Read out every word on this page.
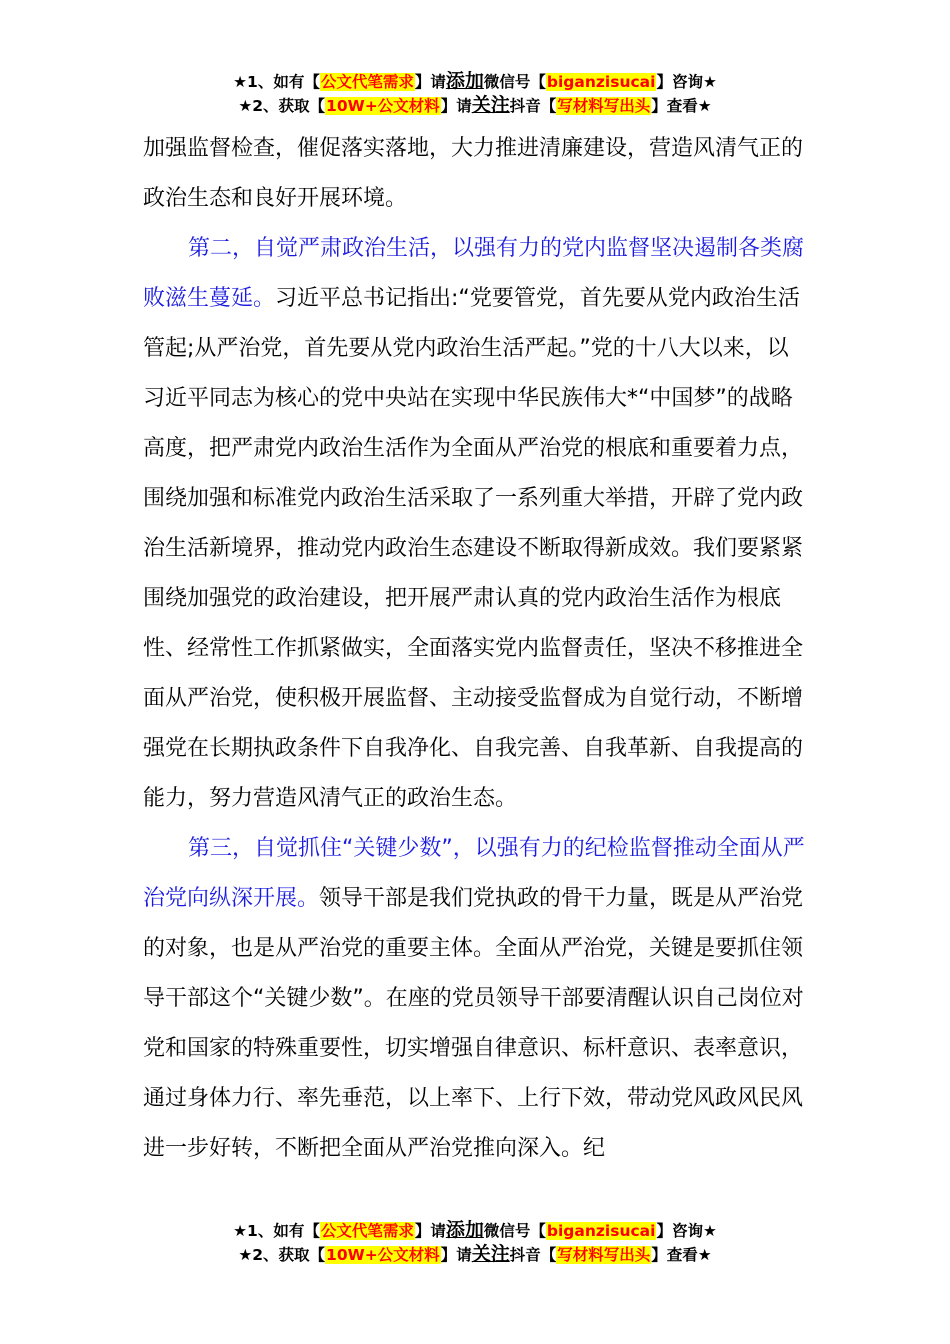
★1、如有【公文代笔需求】请添加微信号【biganzisucai】咨询★
★2、获取【10W+公文材料】请关注抖音【写材料写出头】查看★

加强监督检查，催促落实落地，大力推进清廉建设，营造风清气正的政治生态和良好开展环境。

第二，自觉严肃政治生活，以强有力的党内监督坚决遏制各类腐败滋生蔓延。习近平总书记指出:“党要管党，首先要从党内政治生活管起;从严治党，首先要从党内政治生活严起。”党的十八大以来，以习近平同志为核心的党中央站在实现中华民族伟大*“中国梦”的战略高度，把严肃党内政治生活作为全面从严治党的根底和重要着力点，围绕加强和标准党内政治生活采取了一系列重大举措，开辟了党内政治生活新境界，推动党内政治生态建设不断取得新成效。我们要紧紧围绕加强党的政治建设，把开展严肃认真的党内政治生活作为根底性、经常性工作抓紧做实，全面落实党内监督责任，坚决不移推进全面从严治党，使积极开展监督、主动接受监督成为自觉行动，不断增强党在长期执政条件下自我净化、自我完善、自我革新、自我提高的能力，努力营造风清气正的政治生态。

第三，自觉抓住“关键少数”，以强有力的纪检监督推动全面从严治党向纵深开展。领导干部是我们党执政的骨干力量，既是从严治党的对象，也是从严治党的重要主体。全面从严治党，关键是要抓住领导干部这个“关键少数”。在座的党员领导干部要清醒认识自己岗位对党和国家的特殊重要性，切实增强自律意识、标杆意识、表率意识，通过身体力行、率先垂范，以上率下、上行下效，带动党风政风民风进一步好转，不断把全面从严治党推向深入。纪

★1、如有【公文代笔需求】请添加微信号【biganzisucai】咨询★
★2、获取【10W+公文材料】请关注抖音【写材料写出头】查看★
